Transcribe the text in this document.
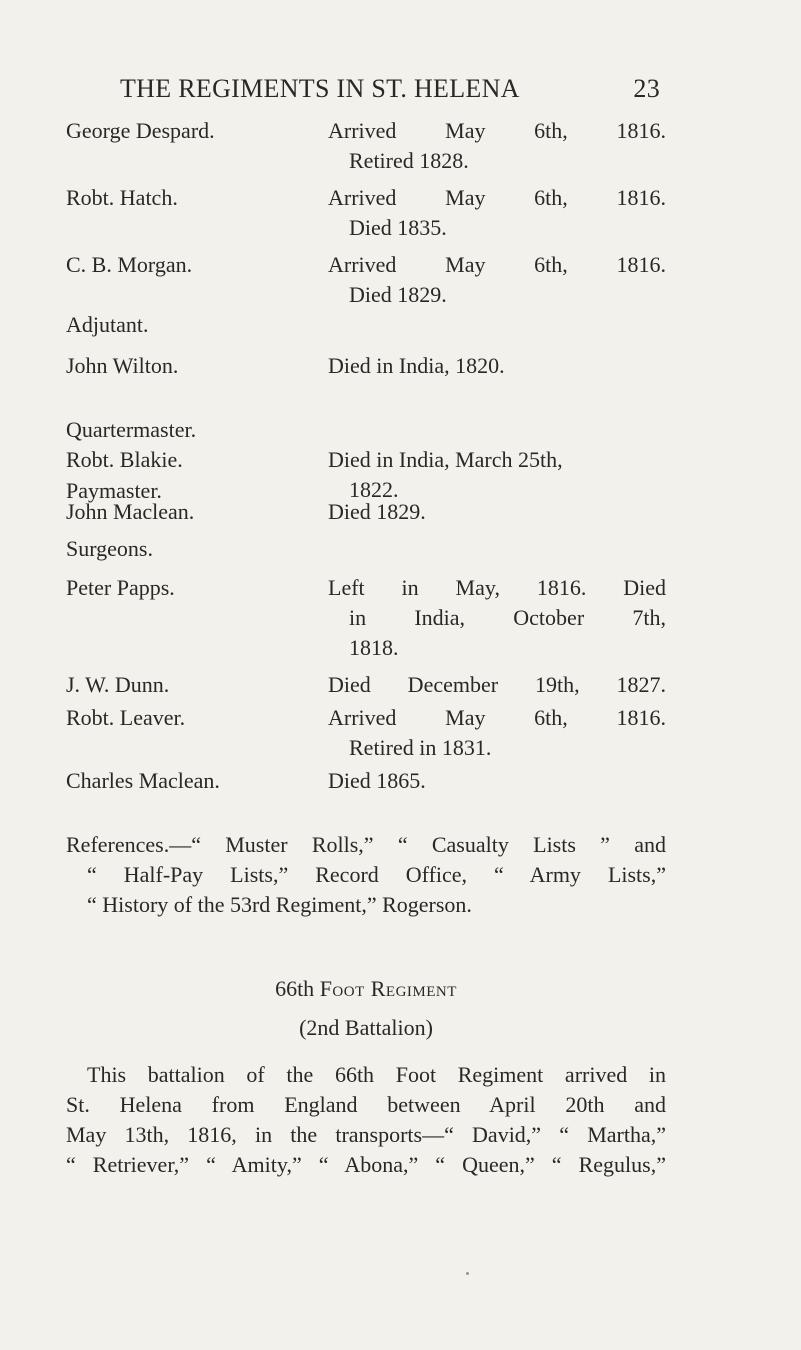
THE REGIMENTS IN ST. HELENA	23
George Despard.	Arrived May 6th, 1816.
Retired 1828.
Robt. Hatch.	Arrived May 6th, 1816.
Died 1835.
C. B. Morgan.	Arrived May 6th, 1816.
Died 1829.
Adjutant.
John Wilton.	Died in India, 1820.
Quartermaster.
Robt. Blakie.	Died in India, March 25th,
1822.
Paymaster.
John Maclean.	Died 1829.
Surgeons.
Peter Papps.	Left in May, 1816. Died
in India, October 7th,
1818.
J. W. Dunn.	Died December 19th, 1827.
Robt. Leaver.	Arrived May 6th, 1816.
Retired in 1831.
Charles Maclean.	Died 1865.
References.—“ Muster Rolls,” “ Casualty Lists ” and
“ Half-Pay Lists,” Record Office, “ Army Lists,”
“ History of the 53rd Regiment,” Rogerson.
66th Foot Regiment
(2nd Battalion)
This battalion of the 66th Foot Regiment arrived in
St. Helena from England between April 20th and
May 13th, 1816, in the transports—“ David,” “ Martha,”
“ Retriever,” “ Amity,” “ Abona,” “ Queen,” “ Regulus,”
